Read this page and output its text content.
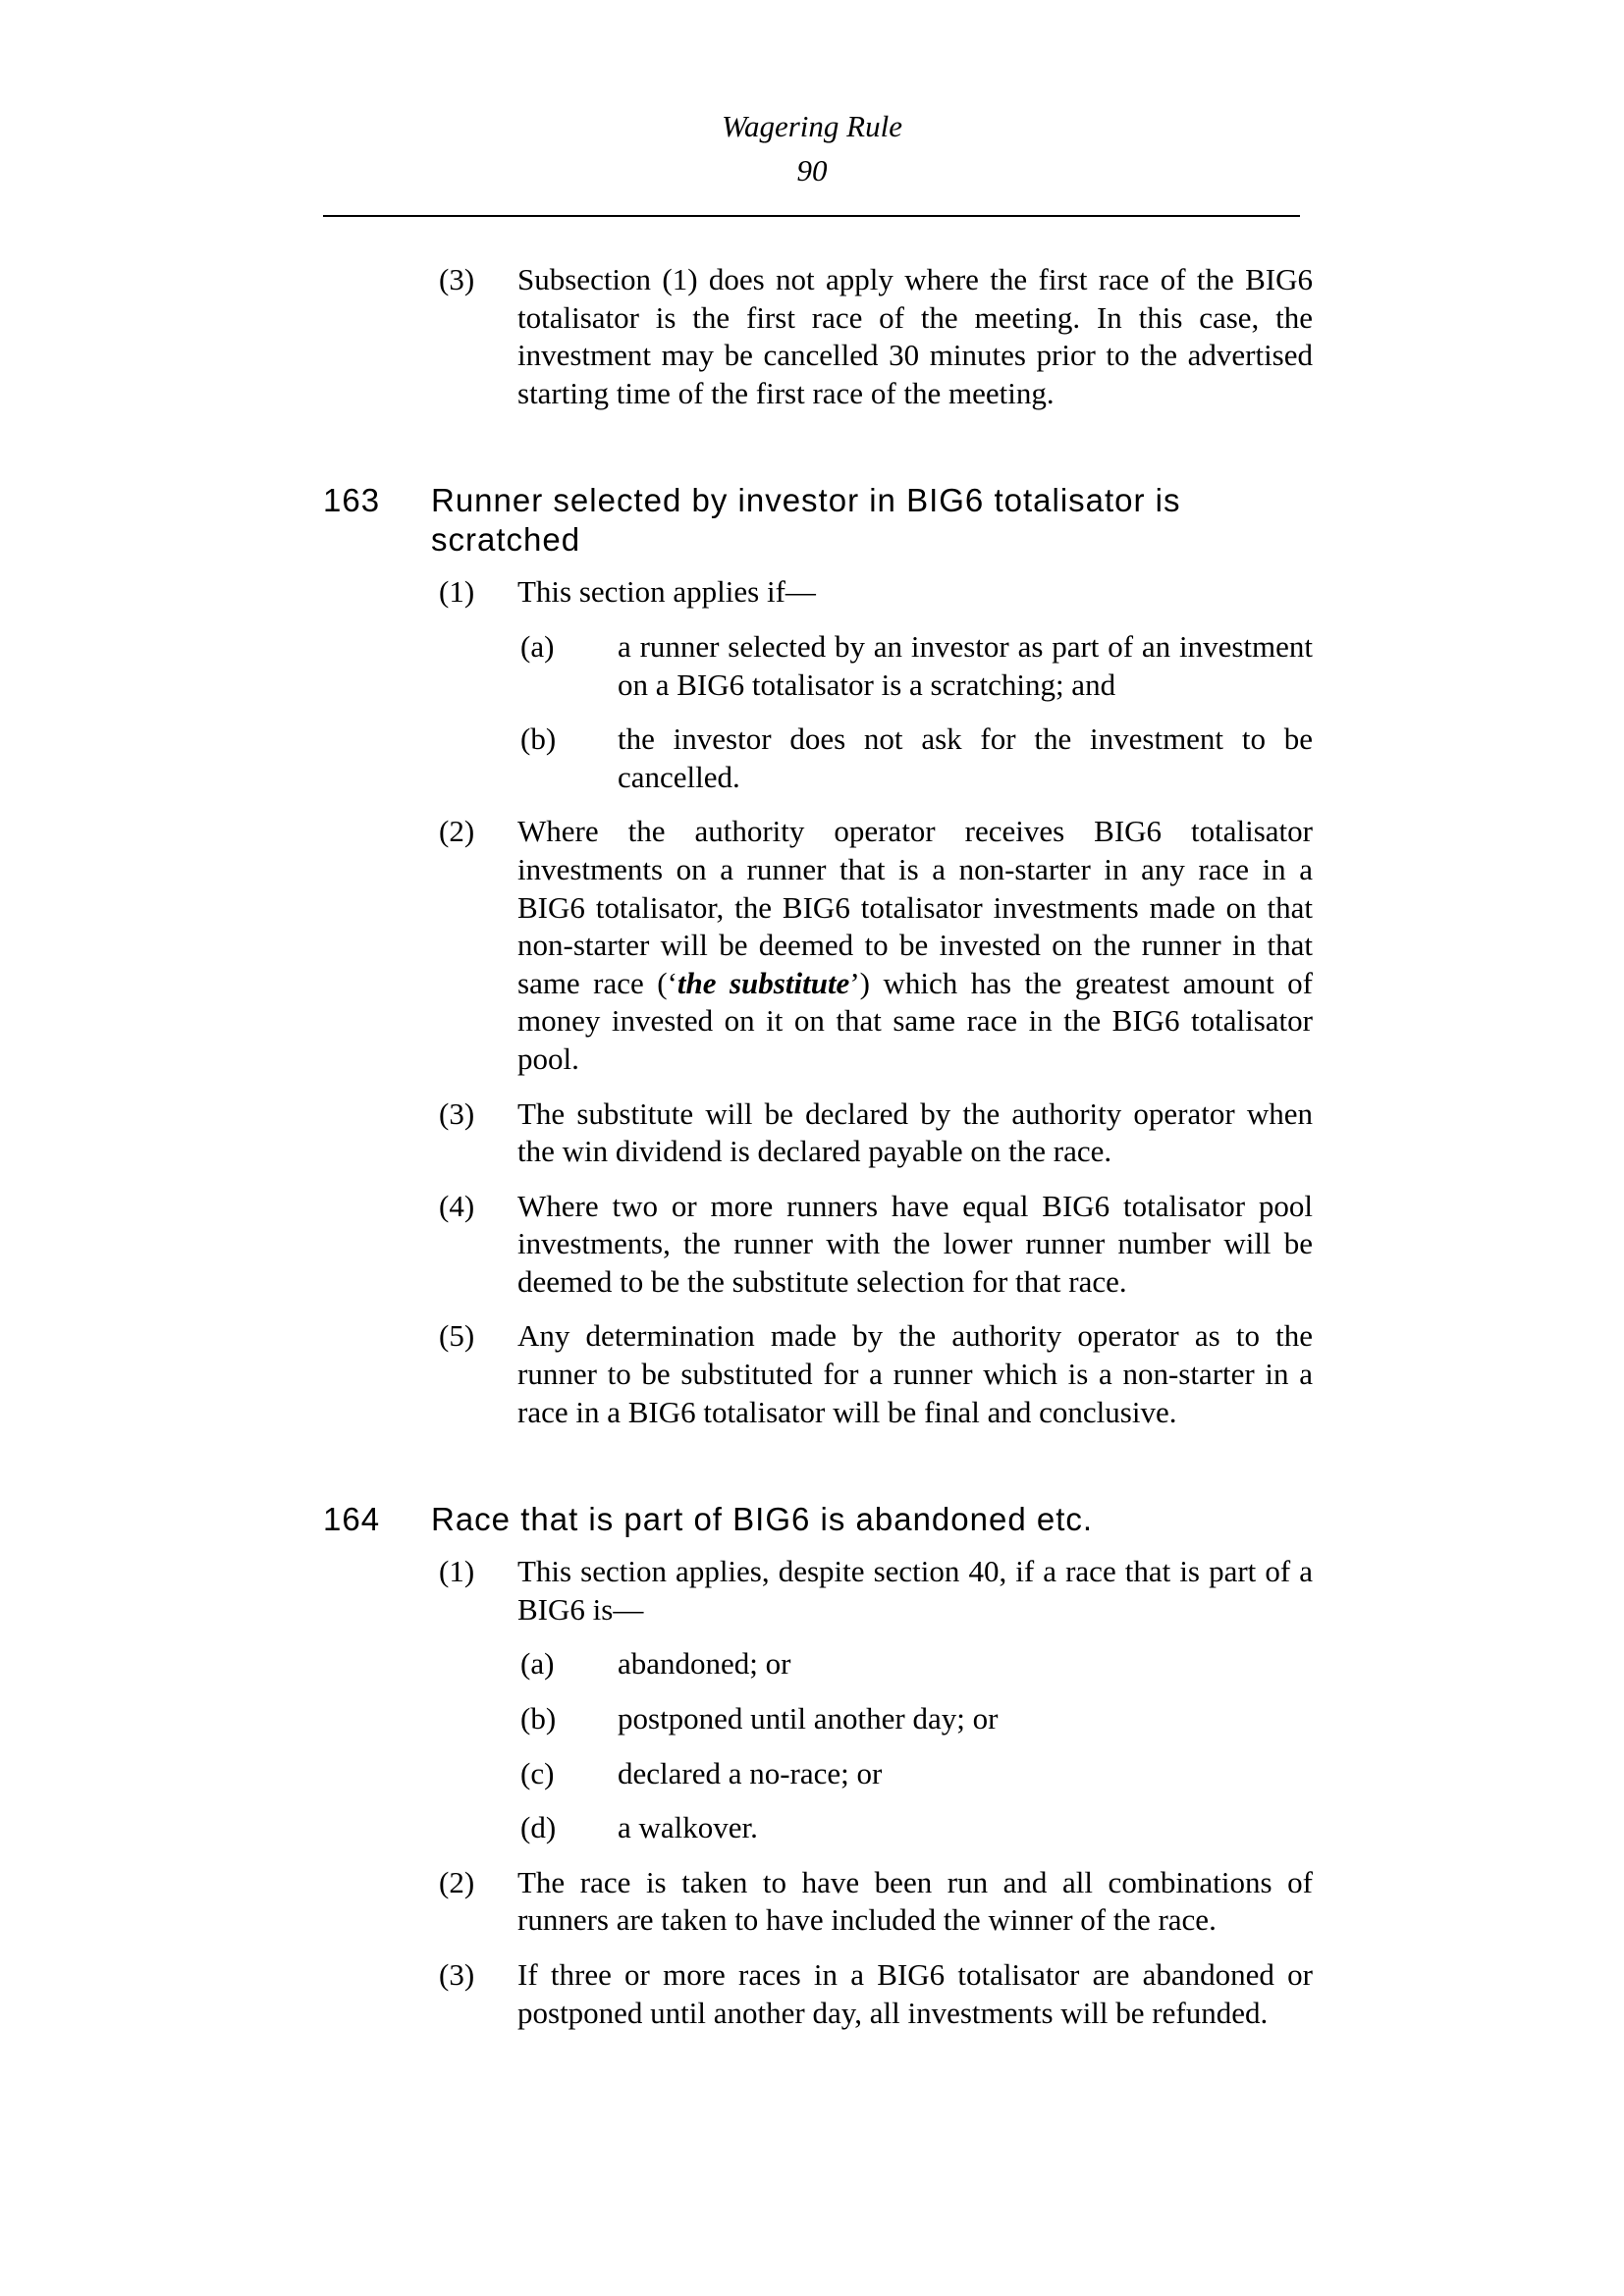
Wagering Rule
90
(3) Subsection (1) does not apply where the first race of the BIG6 totalisator is the first race of the meeting. In this case, the investment may be cancelled 30 minutes prior to the advertised starting time of the first race of the meeting.
163 Runner selected by investor in BIG6 totalisator is scratched
(1) This section applies if—
(a) a runner selected by an investor as part of an investment on a BIG6 totalisator is a scratching; and
(b) the investor does not ask for the investment to be cancelled.
(2) Where the authority operator receives BIG6 totalisator investments on a runner that is a non-starter in any race in a BIG6 totalisator, the BIG6 totalisator investments made on that non-starter will be deemed to be invested on the runner in that same race (‘the substitute’) which has the greatest amount of money invested on it on that same race in the BIG6 totalisator pool.
(3) The substitute will be declared by the authority operator when the win dividend is declared payable on the race.
(4) Where two or more runners have equal BIG6 totalisator pool investments, the runner with the lower runner number will be deemed to be the substitute selection for that race.
(5) Any determination made by the authority operator as to the runner to be substituted for a runner which is a non-starter in a race in a BIG6 totalisator will be final and conclusive.
164 Race that is part of BIG6 is abandoned etc.
(1) This section applies, despite section 40, if a race that is part of a BIG6 is—
(a) abandoned; or
(b) postponed until another day; or
(c) declared a no-race; or
(d) a walkover.
(2) The race is taken to have been run and all combinations of runners are taken to have included the winner of the race.
(3) If three or more races in a BIG6 totalisator are abandoned or postponed until another day, all investments will be refunded.
